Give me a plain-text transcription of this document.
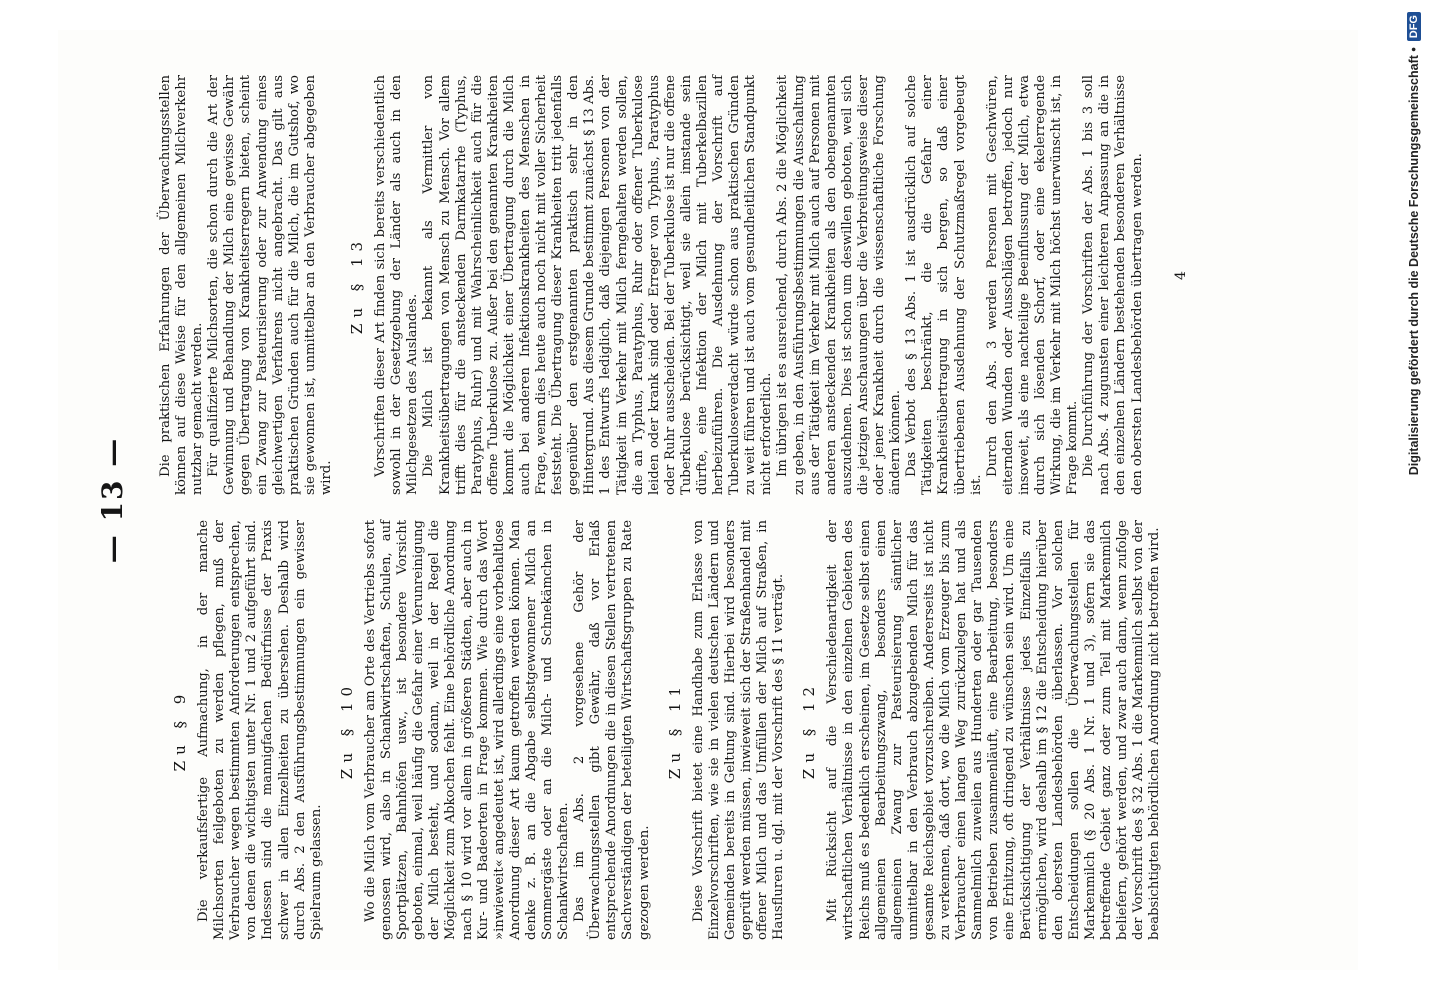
— 13 —
Zu § 9 Die verkaufsfertige Aufmachung, in der manche Milchsorten feilgeboten zu werden pflegen, muß der Verbraucher wegen bestimmten Anforderungen entsprechen, von denen die wichtigsten unter Nr. 1 und 2 aufgeführt sind. Indessen sind die mannigfachen Bedürfnisse der Praxis schwer in allen Einzelheiten zu übersehen. Deshalb wird durch Abs. 2 den Ausführungsbestimmungen ein gewisser Spielraum gelassen.

Zu § 10 Wo die Milch vom Verbraucher am Orte des Vertriebs sofort genossen wird, also in Schankwirtschaften, Schulen, auf Sportplätzen, Bahnhöfen usw., ist besondere Vorsicht geboten, einmal, weil häufig die Gefahr einer Verunreinigung der Milch besteht, und sodann, weil in der Regel die Möglichkeit zum Abkochen fehlt. Eine behördliche Anordnung nach § 10 wird vor allem in größeren Städten, aber auch in Kur- und Badeorten in Frage kommen. Wie durch das Wort »inwieweit« angedeutet ist, wird allerdings eine vorbehaltlose Anordnung dieser Art kaum getroffen werden können. Man denke z. B. an die Abgabe selbstgewonnener Milch an Sommergäste oder an die Milch- und Schnekämchen in Schankwirtschaften. Das im Abs. 2 vorgesehene Gehör der Überwachungsstellen gibt Gewähr, daß vor Erlaß entsprechende Anordnungen die in diesen Stellen vertretenen Sachverständigen der beteiligten Wirtschaftsgruppen zu Rate gezogen werden.

Zu § 11 Diese Vorschrift bietet eine Handhabe zum Erlasse von Einzelvorschriften, wie sie in vielen deutschen Ländern und Gemeinden bereits in Geltung sind. Hierbei wird besonders geprüft werden müssen, inwieweit sich der Straßenhandel mit offener Milch und das Umfüllen der Milch auf Straßen, in Hausfluren u. dgl. mit der Vorschrift des § 11 verträgt. Zu § 12 Mit Rücksicht auf die Verschiedenartigkeit der wirtschaftlichen Verhältnisse in den einzelnen Gebieten des Reichs muß es bedenklich erscheinen, im Gesetze selbst einen allgemeinen Bearbeitungszwang, besonders einen allgemeinen Zwang zur Pasteurisierung sämtlicher unmittelbar in den Verbrauch abzugebenden Milch für das gesamte Reichsgebiet vorzuschreiben. Andererseits ist nicht zu verkennen, daß dort, wo die Milch vom Erzeuger bis zum Verbraucher einen langen Weg zurückzulegen hat und als Sammelmilch zuweilen aus Hunderten oder gar Tausenden von Betrieben zusammenläuft, eine Bearbeitung, besonders eine Erhitzung, oft dringend zu wünschen sein wird. Um eine Berücksichtigung der Verhältnisse jedes Einzelfalls zu ermöglichen, wird deshalb im § 12 die Entscheidung hierüber den obersten Landesbehörden überlassen. Vor solchen Entscheidungen sollen die Überwachungsstellen für Markenmilch (§ 20 Abs. 1 Nr. 1 und 3), sofern sie das betreffende Gebiet ganz oder zum Teil mit Markenmilch beliefern, gehört werden, und zwar auch dann, wenn zufolge der Vorschrift des § 32 Abs. 1 die Markenmilch selbst von der beabsichtigten behördlichen Anordnung nicht betroffen wird.

Die praktischen Erfahrungen der Überwachungsstellen können auf diese Weise für den allgemeinen Milchverkehr nutzbar gemacht werden. Für qualifizierte Milchsorten, die schon durch die Art der Gewinnung und Behandlung der Milch eine gewisse Gewähr gegen Übertragung von Krankheitserregern bieten, scheint ein Zwang zur Pasteurisierung oder zur Anwendung eines gleichwertigen Verfahrens nicht angebracht. Das gilt aus praktischen Gründen auch für die Milch, die im Gutshof, wo sie gewonnen ist, unmittelbar an den Verbraucher abgegeben wird.

Zu § 13 Vorschriften dieser Art finden sich bereits verschiedentlich sowohl in der Gesetzgebung der Länder als auch in den Milchgesetzen des Auslandes. Die Milch ist bekannt als Vermittler von Krankheitsübertragungen von Mensch zu Mensch. Vor allem trifft dies für die ansteckenden Darmkatarrhe (Typhus, Paratyphus, Ruhr) und mit Wahrscheinlichkeit auch für die offene Tuberkulose zu. Außer bei den genannten Krankheiten kommt die Möglichkeit einer Übertragung durch die Milch auch bei anderen Infektionskrankheiten des Menschen in Frage, wenn dies heute auch noch nicht mit voller Sicherheit feststeht. Die Übertragung dieser Krankheiten tritt jedenfalls gegenüber den erstgenannten praktisch sehr in den Hintergrund. Aus diesem Grunde bestimmt zunächst § 13 Abs. 1 des Entwurfs lediglich, daß diejenigen Personen von der Tätigkeit im Verkehr mit Milch ferngehalten werden sollen, die an Typhus, Paratyphus, Ruhr oder offener Tuberkulose leiden oder krank sind oder Erreger von Typhus, Paratyphus oder Ruhr ausscheiden. Bei der Tuberkulose ist nur die offene Tuberkulose berücksichtigt, weil sie allein imstande sein dürfte, eine Infektion der Milch mit Tuberkelbazillen herbeizuführen. Die Ausdehnung der Vorschrift auf Tuberkuloseverdacht würde schon aus praktischen Gründen zu weit führen und ist auch vom gesundheitlichen Standpunkt nicht erforderlich. Im übrigen ist es ausreichend, durch Abs. 2 die Möglichkeit zu geben, in den Ausführungsbestimmungen die Ausschaltung aus der Tätigkeit im Verkehr mit Milch auch auf Personen mit anderen ansteckenden Krankheiten als den obengenannten auszudehnen. Dies ist schon um deswillen geboten, weil sich die jetzigen Anschauungen über die Verbreitungsweise dieser oder jener Krankheit durch die wissenschaftliche Forschung ändern können. Das Verbot des § 13 Abs. 1 ist ausdrücklich auf solche Tätigkeiten beschränkt, die die Gefahr einer Krankheitsübertragung in sich bergen, so daß einer übertriebenen Ausdehnung der Schutzmaßregel vorgebeugt ist.

Durch den Abs. 3 werden Personen mit Geschwüren, eiternden Wunden oder Ausschlägen betroffen, jedoch nur insoweit, als eine nachteilige Beeinflussung der Milch, etwa durch sich lösenden Schorf, oder eine ekelerregende Wirkung, die im Verkehr mit Milch höchst unerwünscht ist, in Frage kommt. Die Durchführung der Vorschriften der Abs. 1 bis 3 soll nach Abs. 4 zugunsten einer leichteren Anpassung an die in den einzelnen Ländern bestehenden besonderen Verhältnisse den obersten Landesbehörden übertragen werden. 4	Digitalisierung gefördert durch die Deutsche Forschungsgemeinschaft •
DFG
